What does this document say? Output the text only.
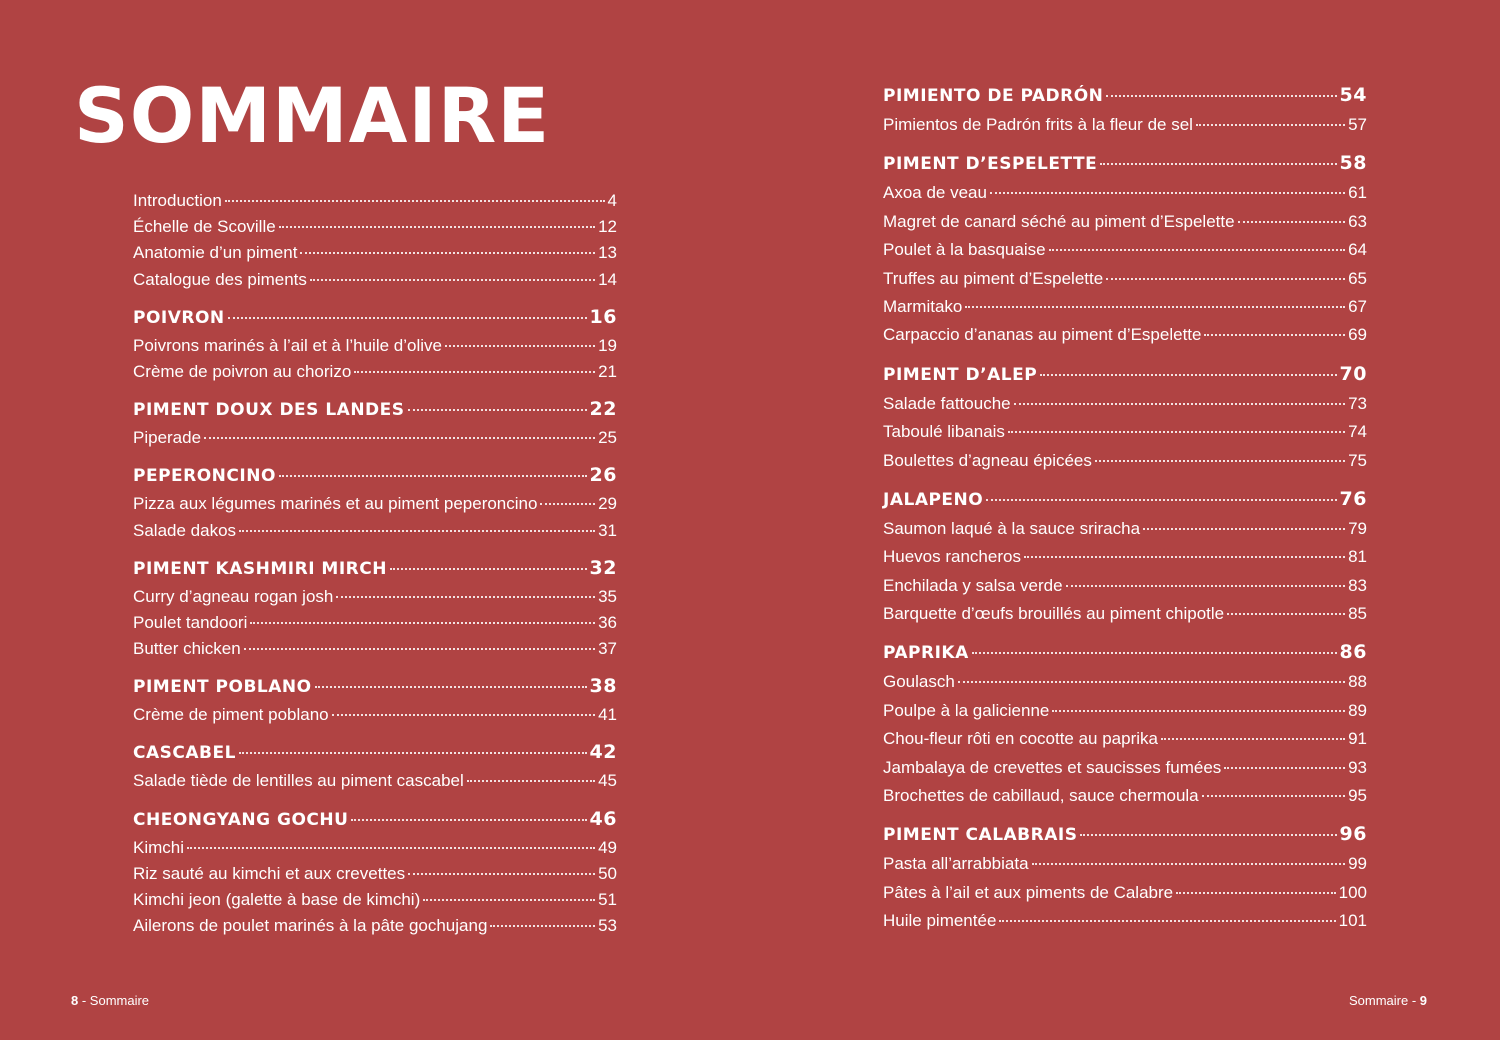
SOMMAIRE
Introduction	4
Échelle de Scoville	12
Anatomie d’un piment	13
Catalogue des piments	14
POIVRON	16
Poivrons marinés à l’ail et à l’huile d’olive	19
Crème de poivron au chorizo	21
PIMENT DOUX DES LANDES	22
Piperade	25
PEPERONCINO	26
Pizza aux légumes marinés et au piment peperoncino	29
Salade dakos	31
PIMENT KASHMIRI MIRCH	32
Curry d’agneau rogan josh	35
Poulet tandoori	36
Butter chicken	37
PIMENT POBLANO	38
Crème de piment poblano	41
CASCABEL	42
Salade tiède de lentilles au piment cascabel	45
CHEONGYANG GOCHU	46
Kimchi	49
Riz sauté au kimchi et aux crevettes	50
Kimchi jeon (galette à base de kimchi)	51
Ailerons de poulet marinés à la pâte gochujang	53
PIMIENTO DE PADRÓN	54
Pimientos de Padrón frits à la fleur de sel	57
PIMENT D’ESPELETTE	58
Axoa de veau	61
Magret de canard séché au piment d’Espelette	63
Poulet à la basquaise	64
Truffes au piment d’Espelette	65
Marmitako	67
Carpaccio d’ananas au piment d’Espelette	69
PIMENT D’ALEP	70
Salade fattouche	73
Taboulé libanais	74
Boulettes d’agneau épicées	75
JALAPENO	76
Saumon laqué à la sauce sriracha	79
Huevos rancheros	81
Enchilada y salsa verde	83
Barquette d’œufs brouillés au piment chipotle	85
PAPRIKA	86
Goulasch	88
Poulpe à la galicienne	89
Chou-fleur rôti en cocotte au paprika	91
Jambalaya de crevettes et saucisses fumées	93
Brochettes de cabillaud, sauce chermoula	95
PIMENT CALABRAIS	96
Pasta all’arrabbiata	99
Pâtes à l’ail et aux piments de Calabre	100
Huile pimentée	101
8 - Sommaire	Sommaire - 9
